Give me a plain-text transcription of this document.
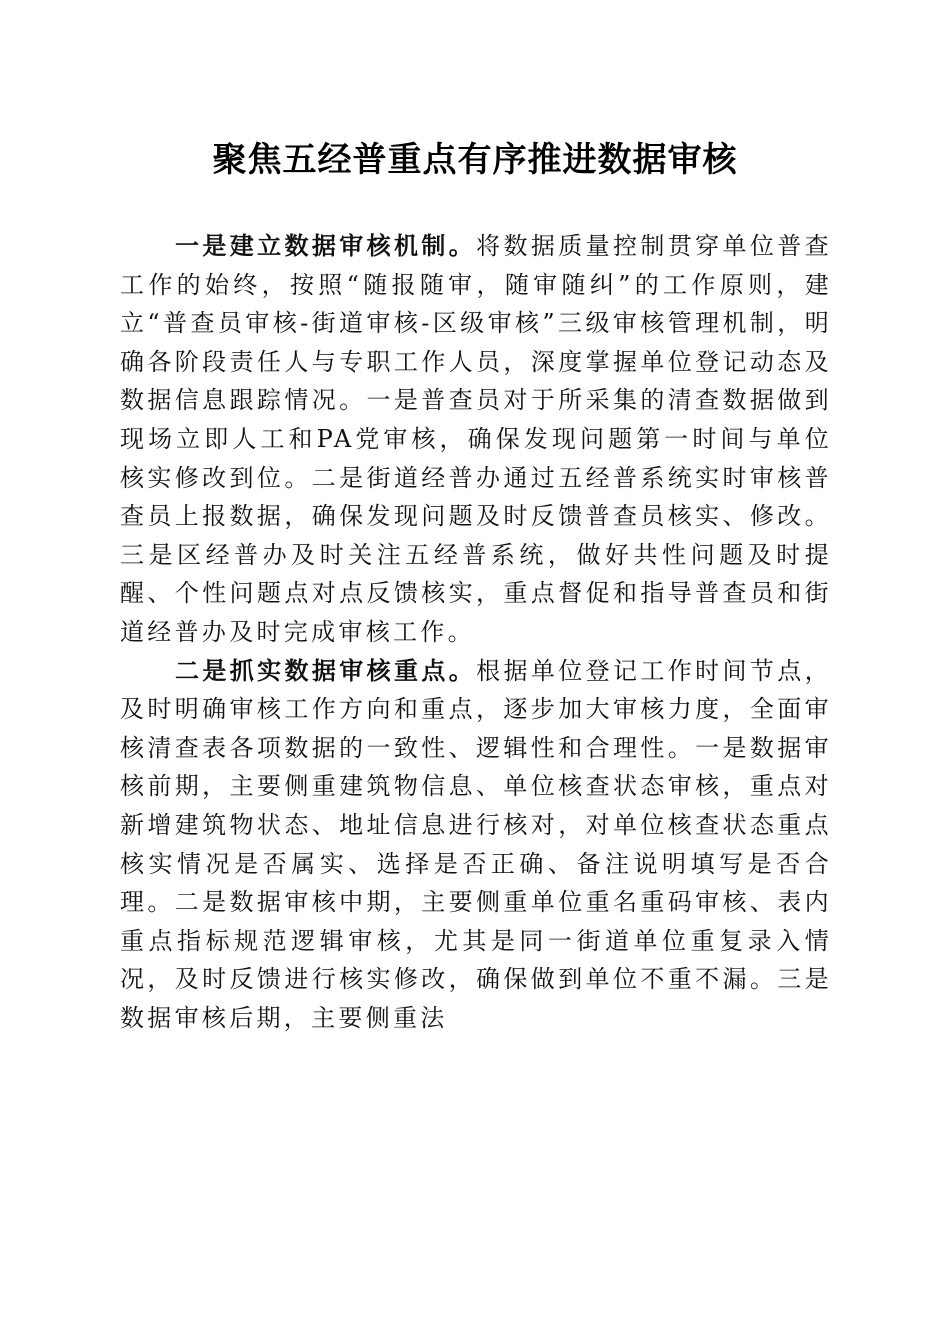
聚焦五经普重点有序推进数据审核

一是建立数据审核机制。将数据质量控制贯穿单位普查工作的始终，按照“随报随审，随审随纠”的工作原则，建立“普查员审核-街道审核-区级审核”三级审核管理机制，明确各阶段责任人与专职工作人员，深度掌握单位登记动态及数据信息跟踪情况。一是普查员对于所采集的清查数据做到现场立即人工和PA党审核，确保发现问题第一时间与单位核实修改到位。二是街道经普办通过五经普系统实时审核普查员上报数据，确保发现问题及时反馈普查员核实、修改。三是区经普办及时关注五经普系统，做好共性问题及时提醒、个性问题点对点反馈核实，重点督促和指导普查员和街道经普办及时完成审核工作。

二是抓实数据审核重点。根据单位登记工作时间节点，及时明确审核工作方向和重点，逐步加大审核力度，全面审核清查表各项数据的一致性、逻辑性和合理性。一是数据审核前期，主要侧重建筑物信息、单位核查状态审核，重点对新增建筑物状态、地址信息进行核对，对单位核查状态重点核实情况是否属实、选择是否正确、备注说明填写是否合理。二是数据审核中期，主要侧重单位重名重码审核、表内重点指标规范逻辑审核，尤其是同一街道单位重复录入情况，及时反馈进行核实修改，确保做到单位不重不漏。三是数据审核后期，主要侧重法
